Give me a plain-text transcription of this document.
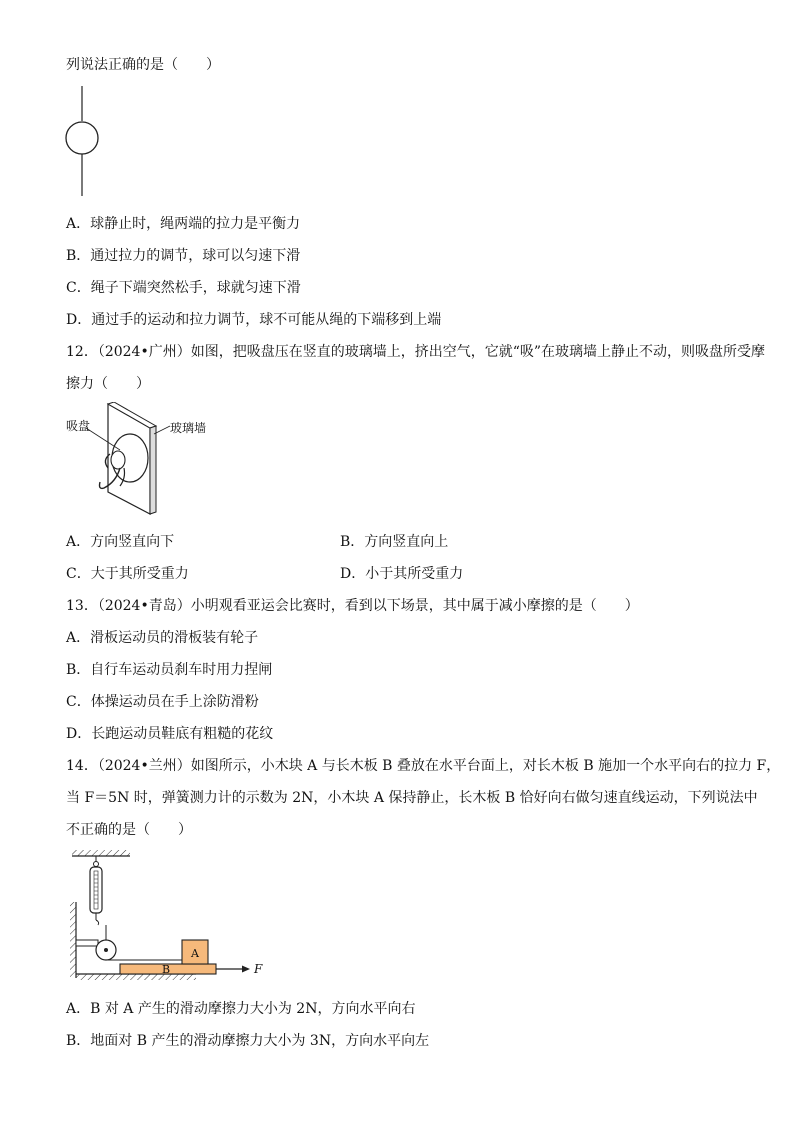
列说法正确的是（　　）
A．球静止时，绳两端的拉力是平衡力
B．通过拉力的调节，球可以匀速下滑
C．绳子下端突然松手，球就匀速下滑
D．通过手的运动和拉力调节，球不可能从绳的下端移到上端
12．（2024•广州）如图，把吸盘压在竖直的玻璃墙上，挤出空气，它就“吸”在玻璃墙上静止不动，则吸盘所受摩
擦力（　　）
吸盘	玻璃墙
A．方向竖直向下	B．方向竖直向上
C．大于其所受重力	D．小于其所受重力
13．（2024•青岛）小明观看亚运会比赛时，看到以下场景，其中属于减小摩擦的是（　　）
A．滑板运动员的滑板装有轮子
B．自行车运动员刹车时用力捏闸
C．体操运动员在手上涂防滑粉
D．长跑运动员鞋底有粗糙的花纹
14．（2024•兰州）如图所示，小木块 A 与长木板 B 叠放在水平台面上，对长木板 B 施加一个水平向右的拉力 F，
当 F＝5N 时，弹簧测力计的示数为 2N，小木块 A 保持静止，长木板 B 恰好向右做匀速直线运动，下列说法中
不正确的是（　　）
B
A
F
A．B 对 A 产生的滑动摩擦力大小为 2N，方向水平向右
B．地面对 B 产生的滑动摩擦力大小为 3N，方向水平向左
